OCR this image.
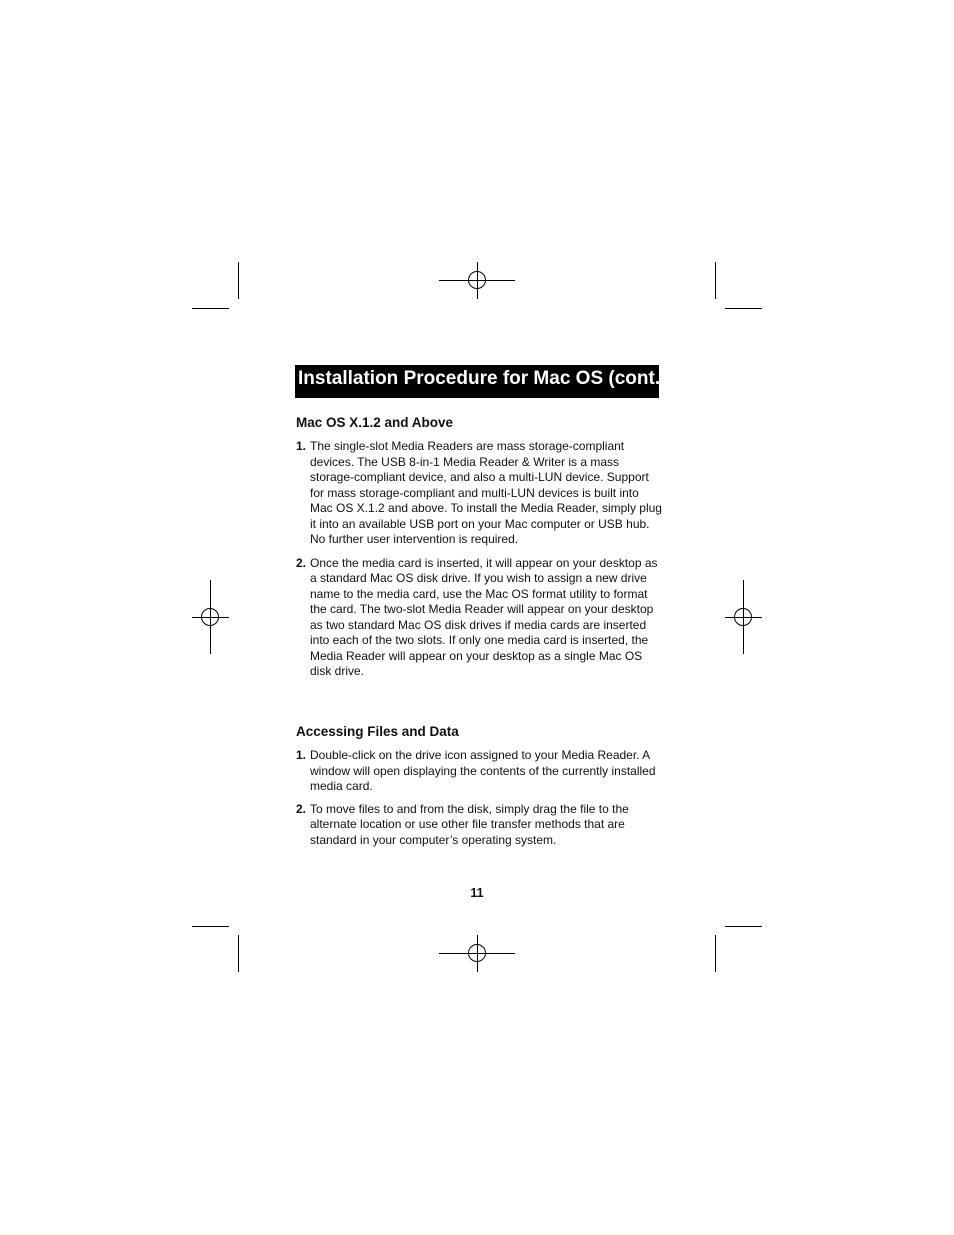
Installation Procedure for Mac OS (cont.)
Mac OS X.1.2 and Above
1. The single-slot Media Readers are mass storage-compliant devices. The USB 8-in-1 Media Reader & Writer is a mass storage-compliant device, and also a multi-LUN device. Support for mass storage-compliant and multi-LUN devices is built into Mac OS X.1.2 and above. To install the Media Reader, simply plug it into an available USB port on your Mac computer or USB hub. No further user intervention is required.
2. Once the media card is inserted, it will appear on your desktop as a standard Mac OS disk drive. If you wish to assign a new drive name to the media card, use the Mac OS format utility to format the card. The two-slot Media Reader will appear on your desktop as two standard Mac OS disk drives if media cards are inserted into each of the two slots. If only one media card is inserted, the Media Reader will appear on your desktop as a single Mac OS disk drive.
Accessing Files and Data
1. Double-click on the drive icon assigned to your Media Reader. A window will open displaying the contents of the currently installed media card.
2. To move files to and from the disk, simply drag the file to the alternate location or use other file transfer methods that are standard in your computer’s operating system.
11
